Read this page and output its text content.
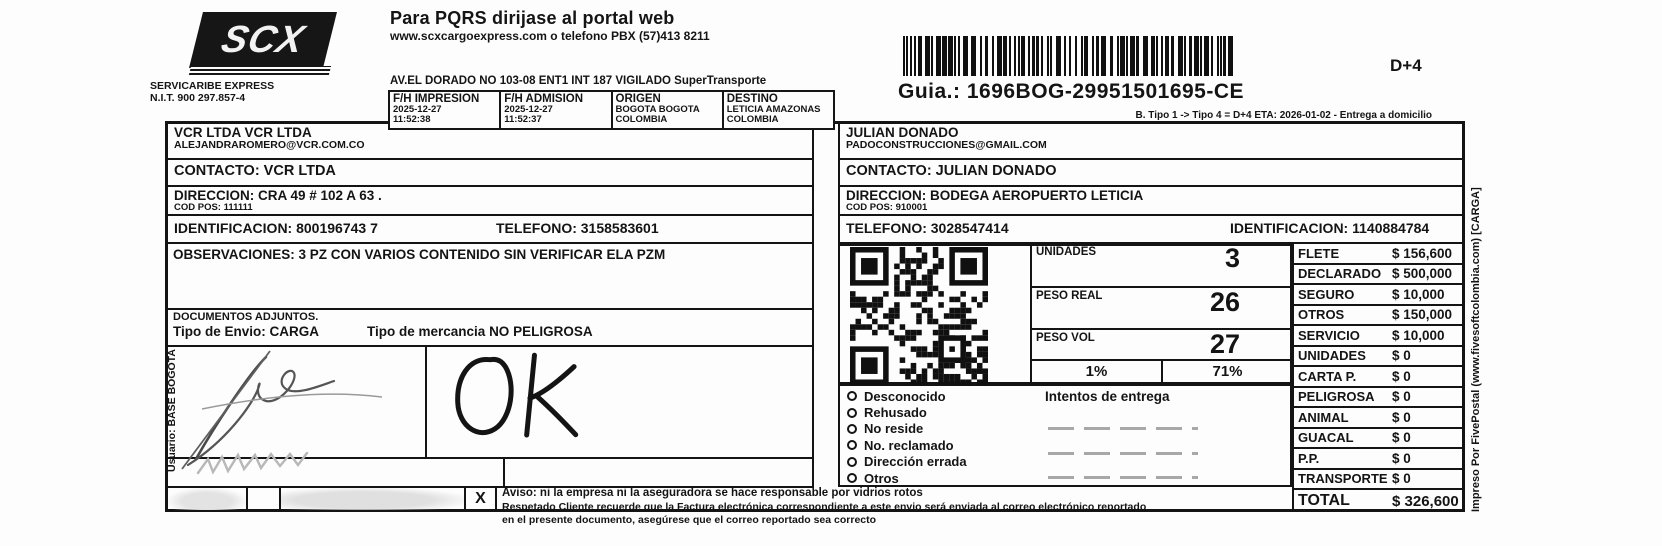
SCX
SERVICARIBE EXPRESS
N.I.T. 900 297.857-4
Para PQRS dirijase al portal web
www.scxcargoexpress.com o telefono PBX (57)413 8211
AV.EL DORADO NO 103-08 ENT1 INT 187 VIGILADO SuperTransporte
F/H IMPRESION
2025-12-27
11:52:38
F/H ADMISION
2025-12-27
11:52:37
ORIGEN
BOGOTA BOGOTA
COLOMBIA
DESTINO
LETICIA AMAZONAS
COLOMBIA
D+4
Guia.: 1696BOG-29951501695-CE
B. Tipo 1 -> Tipo 4 = D+4 ETA: 2026-01-02 - Entrega a domicilio
VCR LTDA VCR LTDA
ALEJANDRAROMERO@VCR.COM.CO
CONTACTO: VCR LTDA
DIRECCION: CRA 49 # 102 A 63 .
COD POS: 111111
IDENTIFICACION: 800196743 7	TELEFONO: 3158583601
JULIAN DONADO
PADOCONSTRUCCIONES@GMAIL.COM
CONTACTO: JULIAN DONADO
DIRECCION: BODEGA AEROPUERTO LETICIA
COD POS: 910001
TELEFONO: 3028547414	IDENTIFICACION: 1140884784
OBSERVACIONES: 3 PZ CON VARIOS CONTENIDO SIN VERIFICAR ELA PZM
DOCUMENTOS ADJUNTOS.
Tipo de Envio: CARGA	Tipo de mercancia NO PELIGROSA
X Aviso: ni la empresa ni la aseguradora se hace responsable por vidrios rotos
Respetado Cliente recuerde que la Factura electrónica correspondiente a este envio será enviada al correo electrónico reportado
en el presente documento, asegúrese que el correo reportado sea correcto
UNIDADES	3
PESO REAL	26
PESO VOL	27
1%	71%
Desconocido
Rehusado
No reside
No. reclamado
Dirección errada
Otros
Intentos de entrega
FLETE	$ 156,600
DECLARADO $ 500,000
SEGURO	$ 10,000
OTROS	$ 150,000
SERVICIO $ 10,000
UNIDADES $ 0
CARTA P.	$ 0
PELIGROSA $ 0
ANIMAL	$ 0
GUACAL	$ 0
P.P.	$ 0
TRANSPORTE $ 0
TOTAL	$ 326,600
Usuario: BASE BOGOTA	Impreso Por FivePostal (www.fivesoftcolombia.com) [CARGA]
